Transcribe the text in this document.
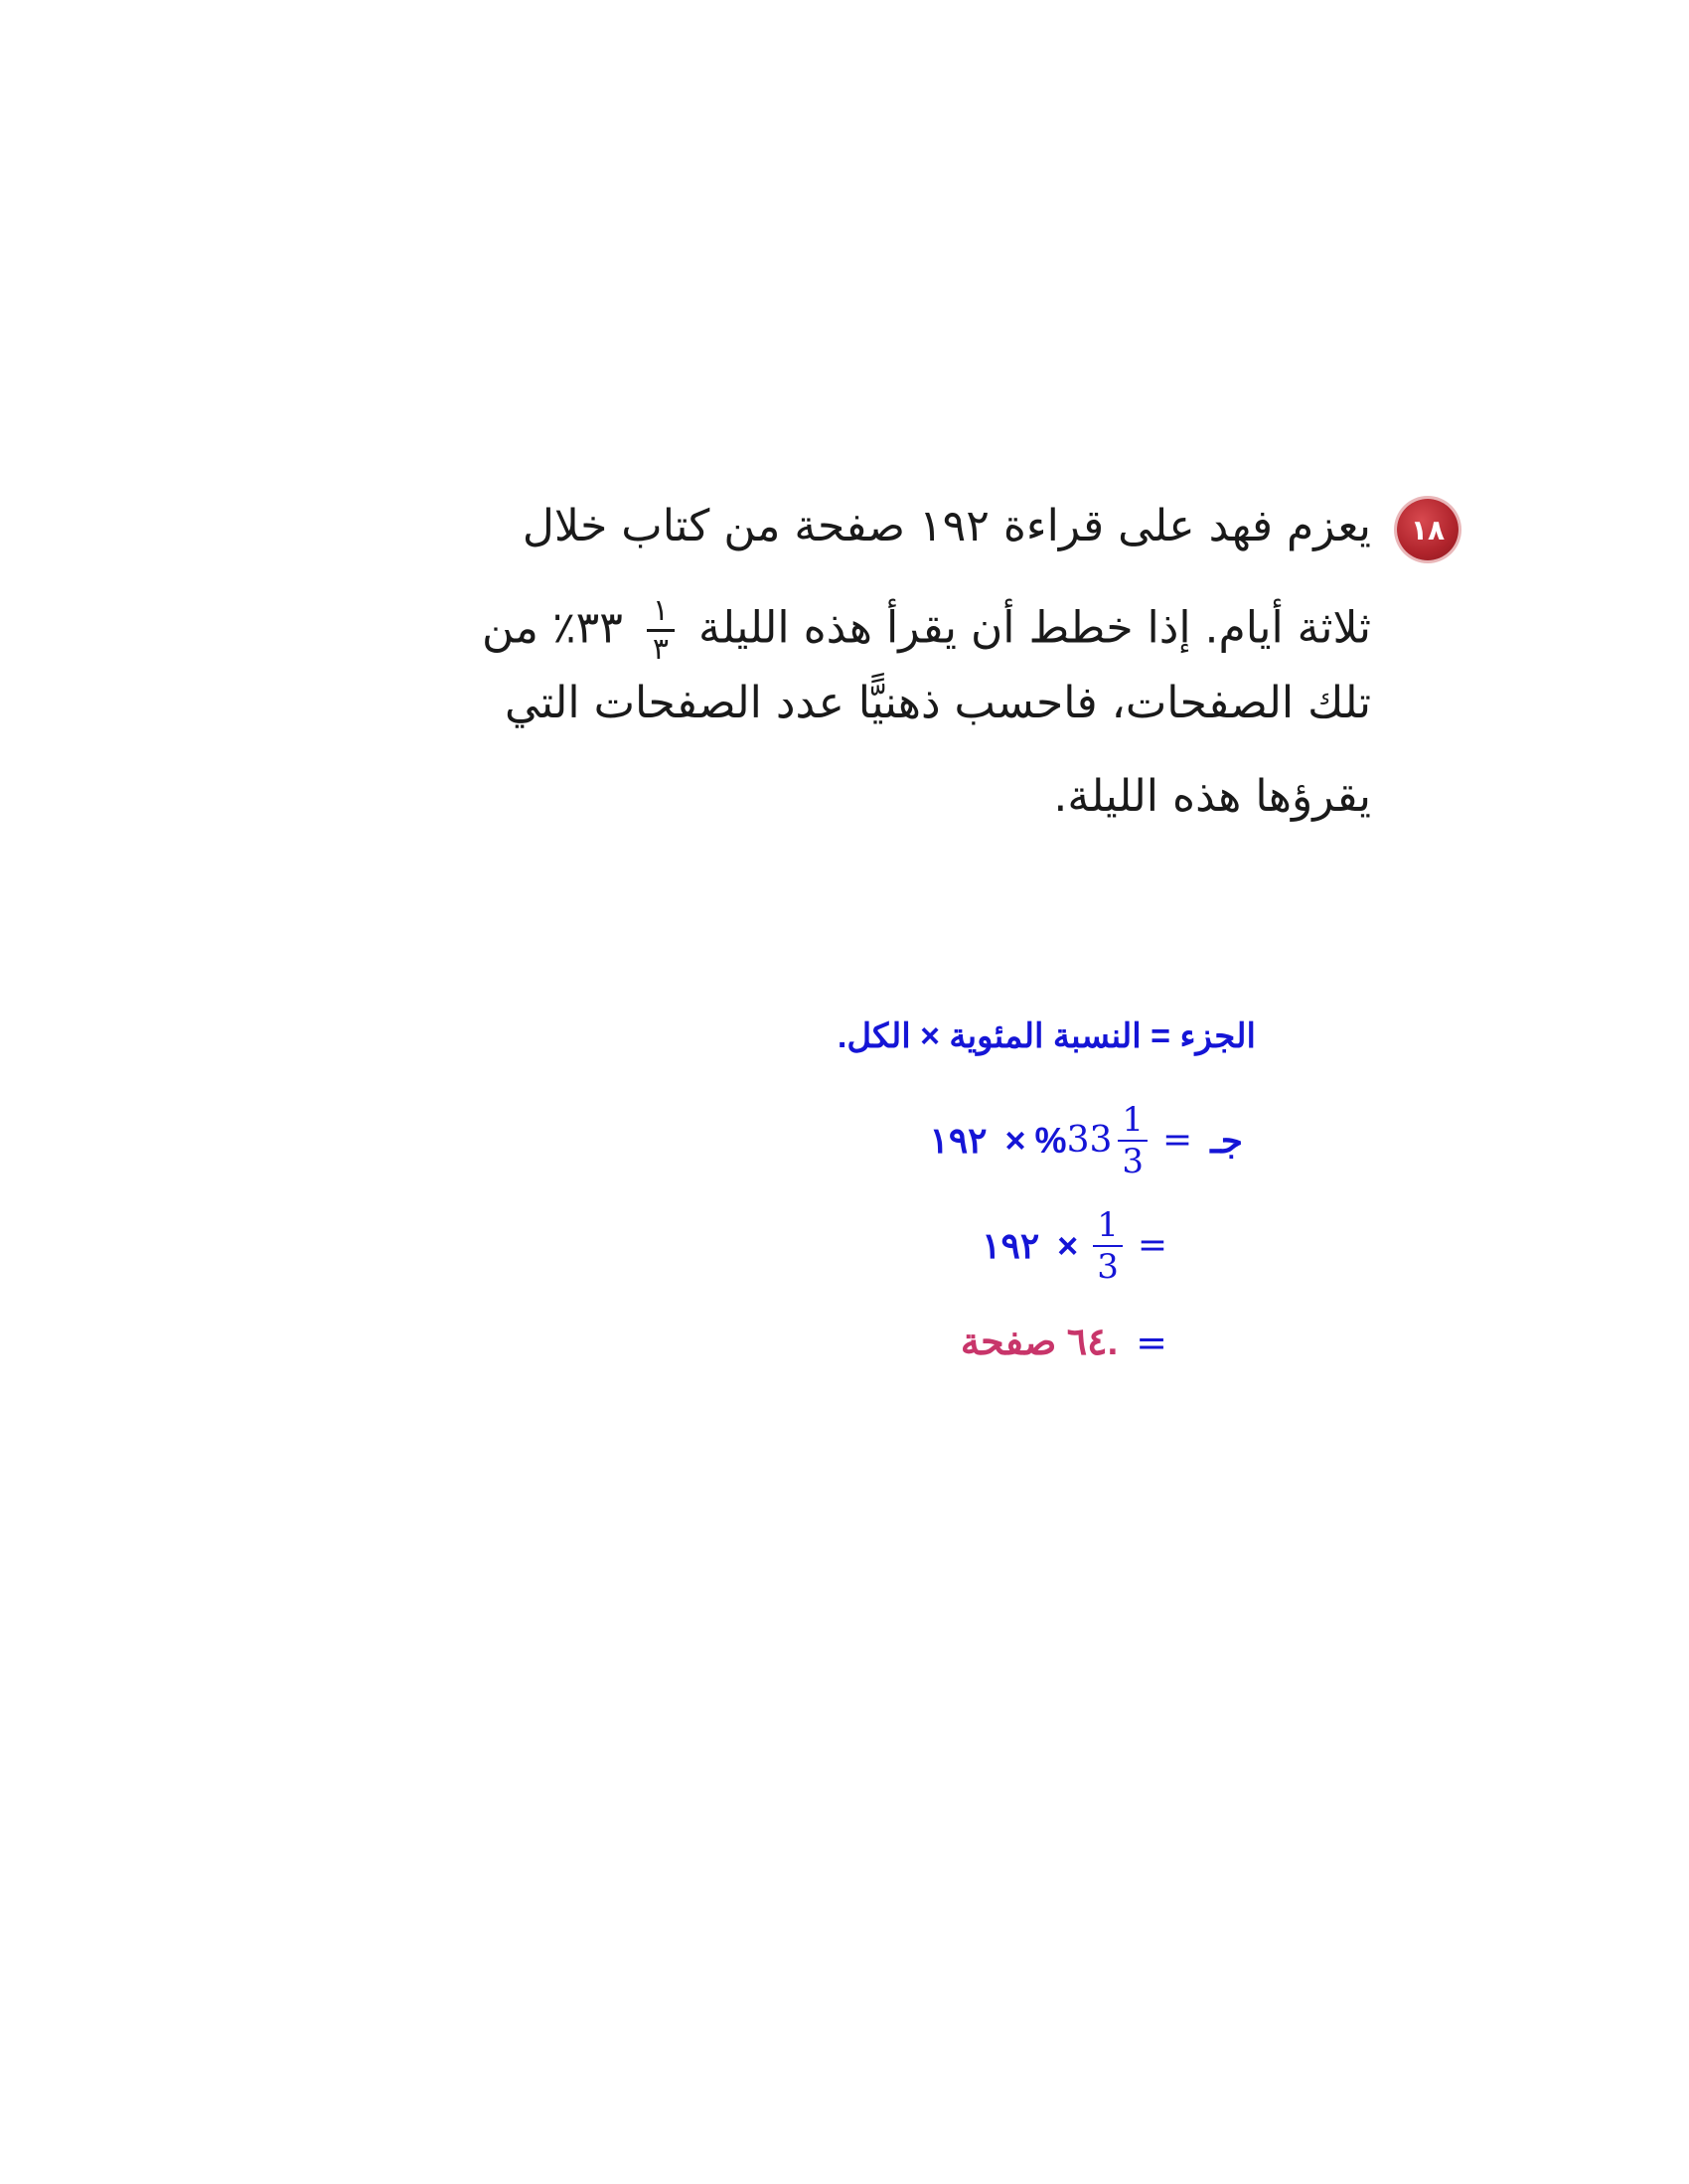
١٨
يعزم فهد على قراءة ١٩٢ صفحة من كتاب خلال
ثلاثة أيام. إذا خطط أن يقرأ هذه الليلة
$\frac{١}{٣}$
٣٣٪ من
تلك الصفحات، فاحسب ذهنيًّا عدد الصفحات التي
يقرؤها هذه الليلة.
الجزء = النسبة المئوية × الكل.
١٩٢ × % $33 \frac{1}{3}$ = جـ
١٩٢ × $\frac{1}{3}$ =
٦٤ صفحة. =
